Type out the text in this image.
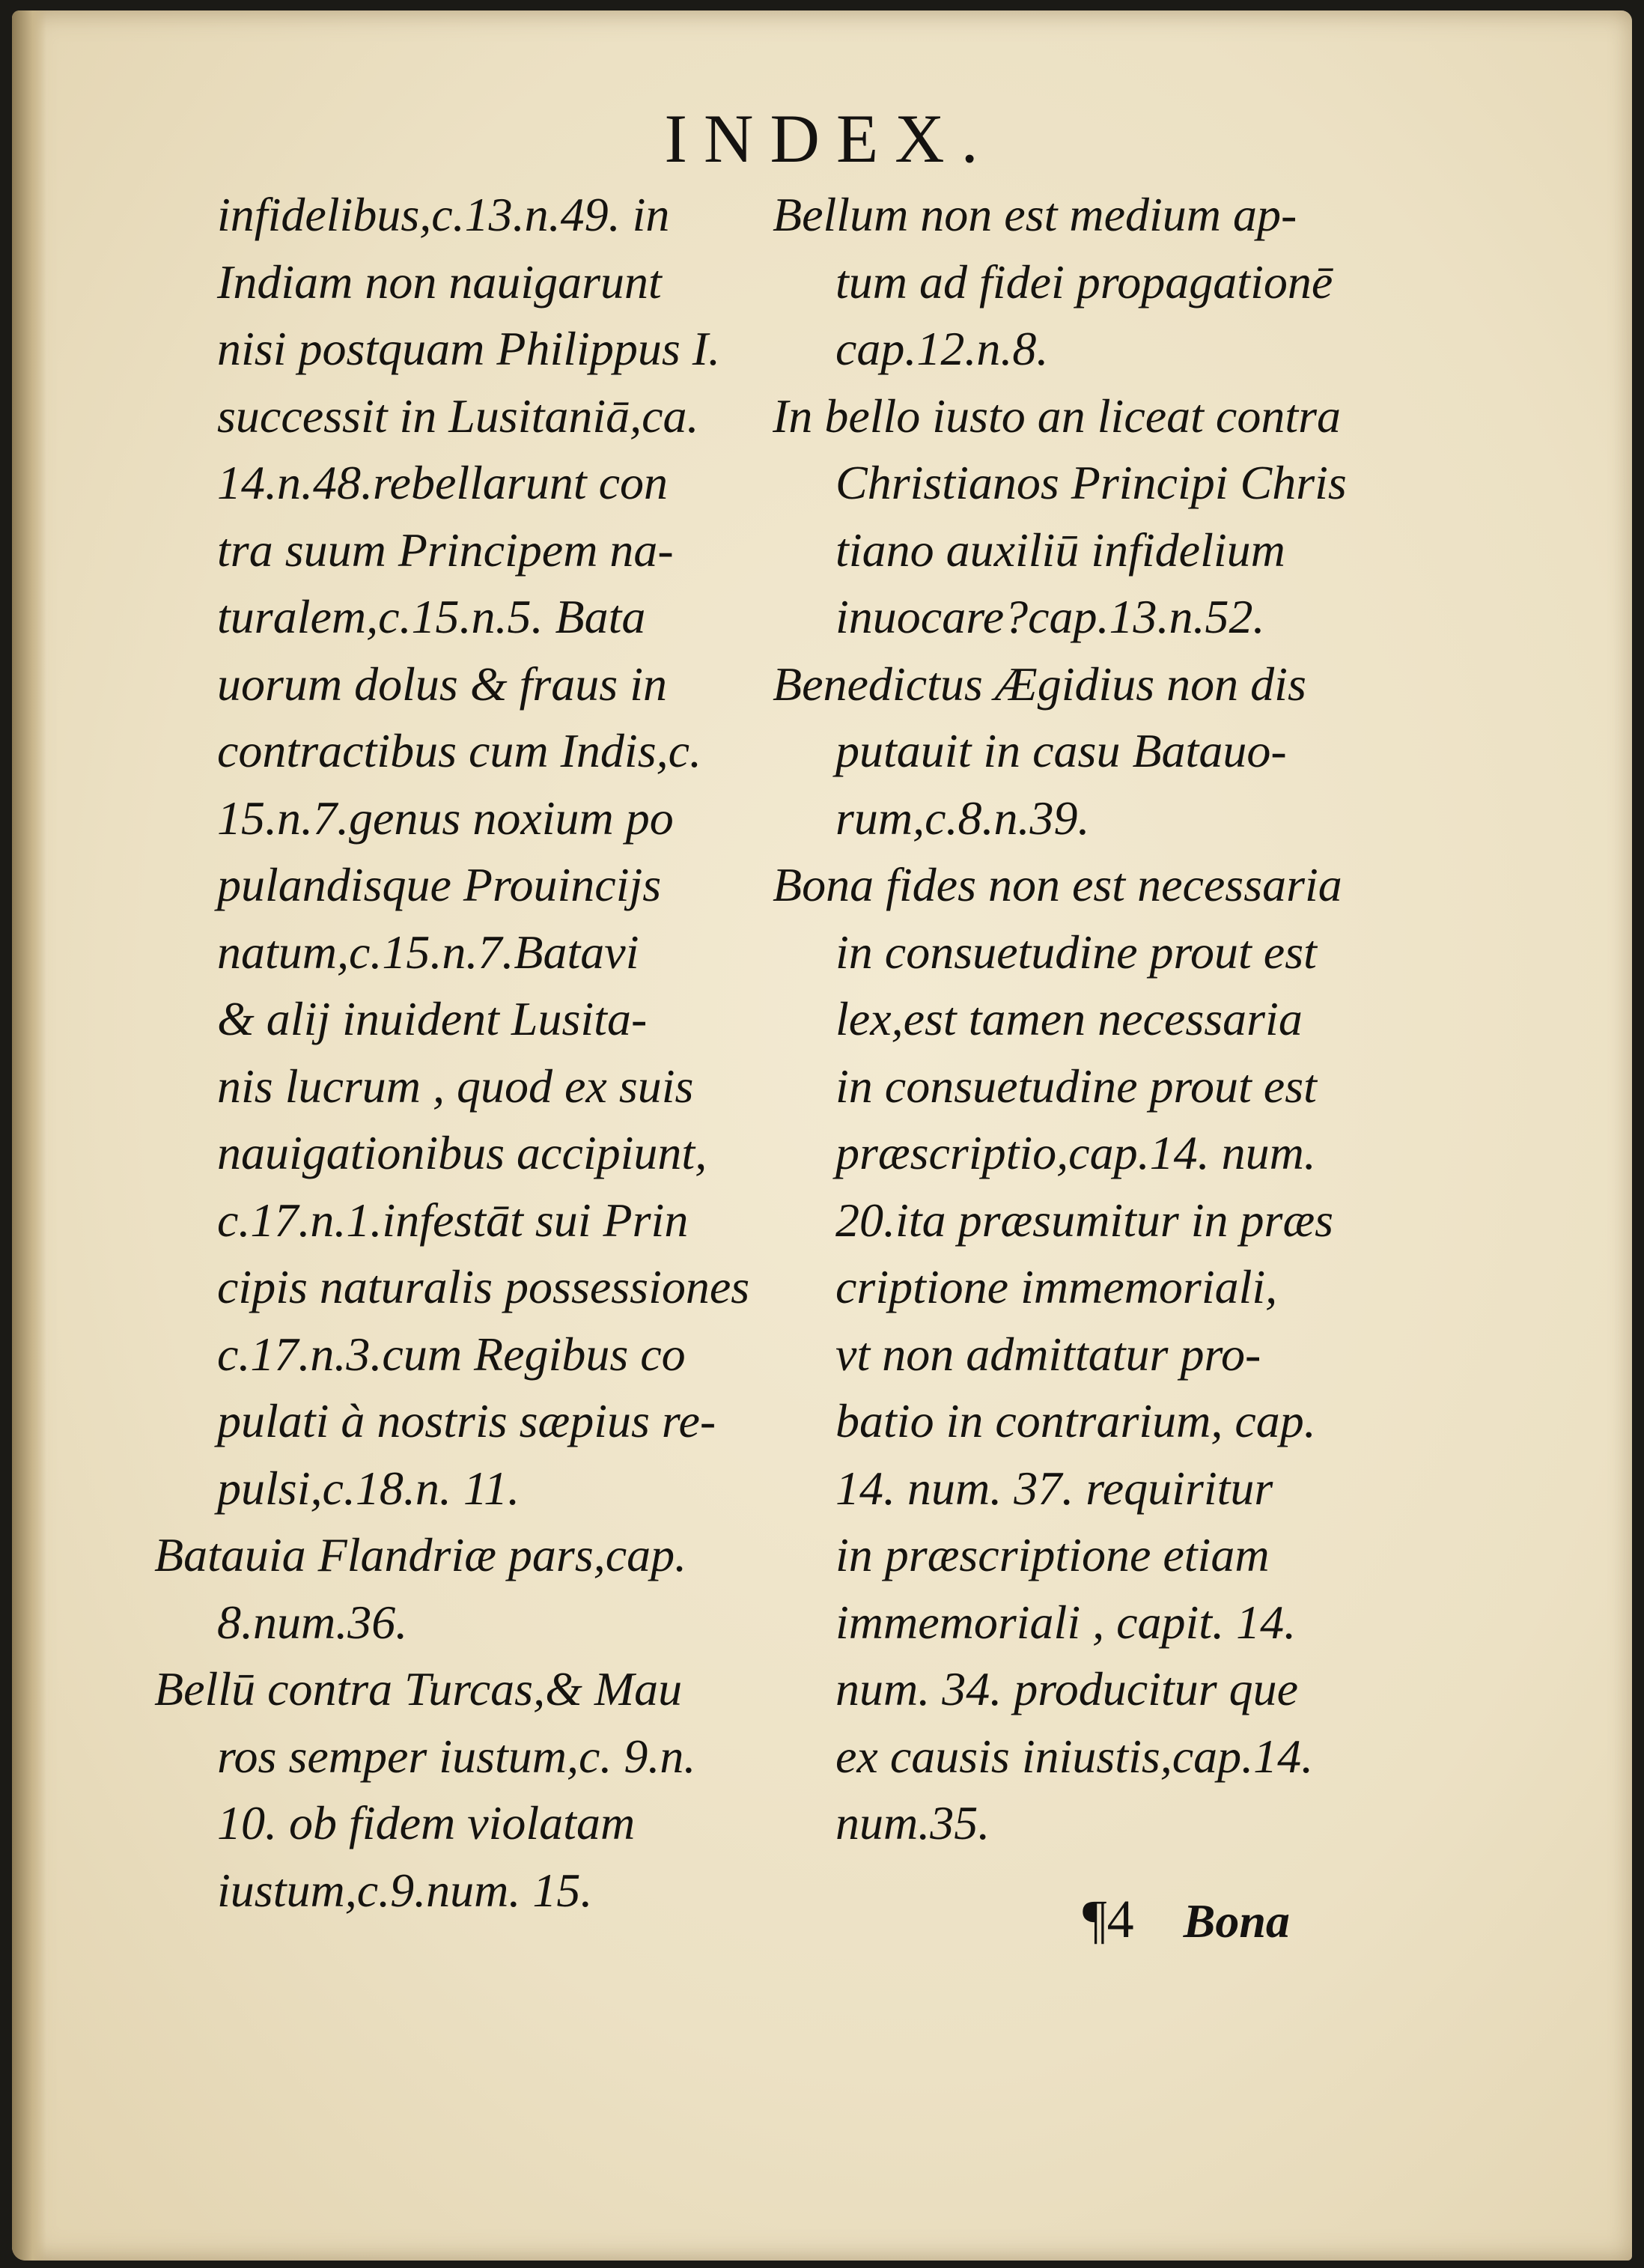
INDEX.
infidelibus,c.13.n.49. in
Indiam non nauigarunt
nisi postquam Philippus I.
successit in Lusitaniā,ca.
14.n.48.rebellarunt con
tra suum Principem na-
turalem,c.15.n.5. Bata
uorum dolus & fraus in
contractibus cum Indis,c.
15.n.7.genus noxium po
pulandisque Prouincijs
natum,c.15.n.7.Batavi
& alij inuident Lusita-
nis lucrum , quod ex suis
nauigationibus accipiunt,
c.17.n.1.infestāt sui Prin
cipis naturalis possessiones
c.17.n.3.cum Regibus co
pulati à nostris sæpius re-
pulsi,c.18.n. 11.
Batauia Flandriæ pars,cap.
8.num.36.
Bellū contra Turcas,& Mau
ros semper iustum,c. 9.n.
10. ob fidem violatam
iustum,c.9.num. 15.
Bellum non est medium ap-
tum ad fidei propagationē
cap.12.n.8.
In bello iusto an liceat contra
Christianos Principi Chris
tiano auxiliū infidelium
inuocare?cap.13.n.52.
Benedictus Ægidius non dis
putauit in casu Batauo-
rum,c.8.n.39.
Bona fides non est necessaria
in consuetudine prout est
lex,est tamen necessaria
in consuetudine prout est
præscriptio,cap.14. num.
20.ita præsumitur in præs
criptione immemoriali,
vt non admittatur pro-
batio in contrarium, cap.
14. num. 37. requiritur
in præscriptione etiam
immemoriali , capit. 14.
num. 34. producitur que
ex causis iniustis,cap.14.
num.35.
¶4 Bona
